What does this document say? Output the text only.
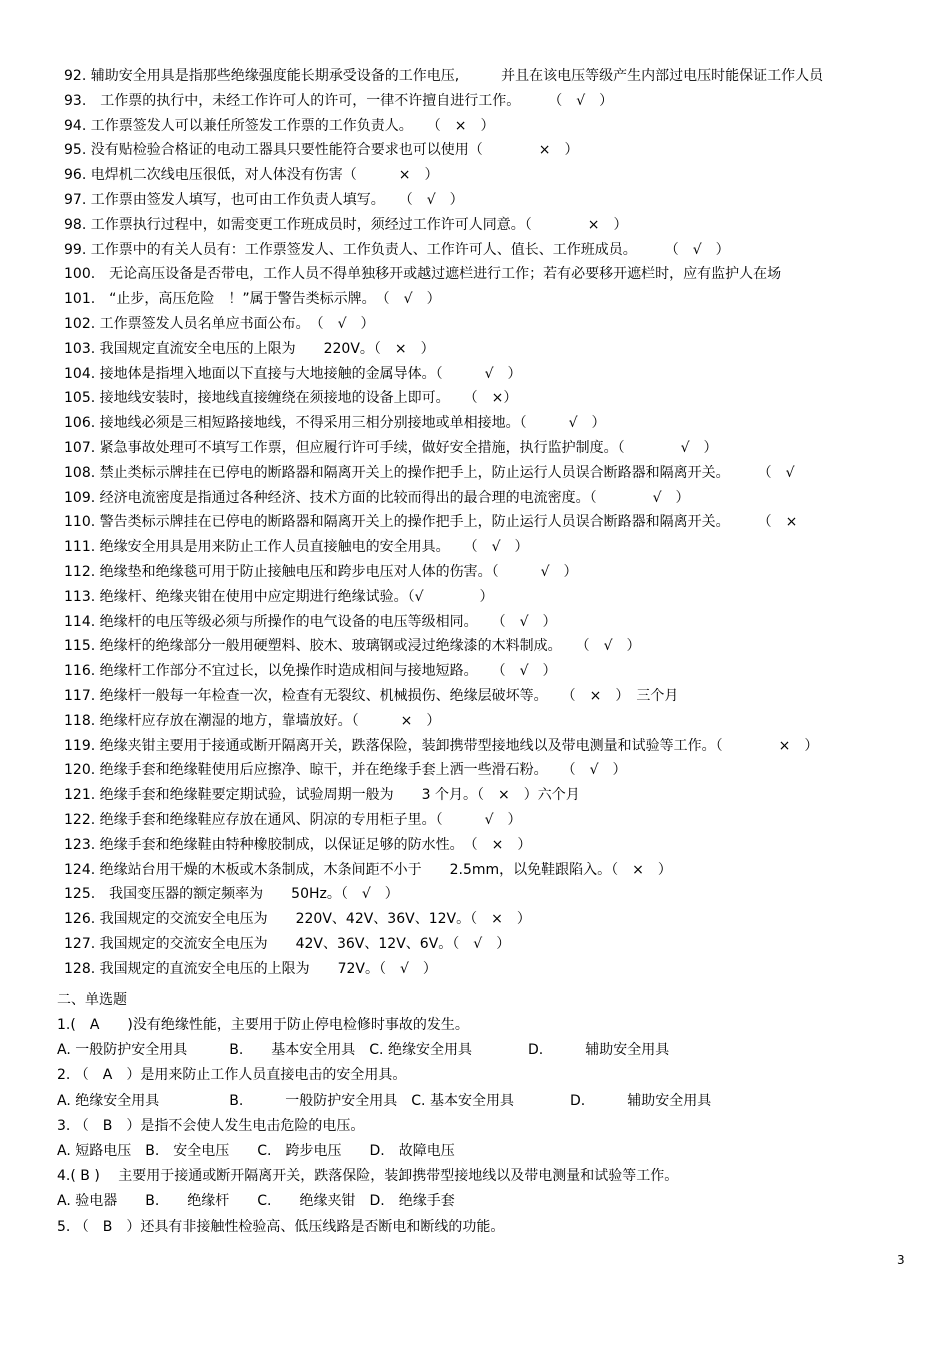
92. 辅助安全用具是指那些绝缘强度能长期承受设备的工作电压,　　　并且在该电压等级产生内部过电压时能保证工作人员
93.　工作票的执行中，未经工作许可人的许可，一律不许擅自进行工作。　　　（　√　）
94. 工作票签发人可以兼任所签发工作票的工作负责人。　　（　×　）
95. 没有贴检验合格证的电动工器具只要性能符合要求也可以使用（　　　　×　）
96. 电焊机二次线电压很低，对人体没有伤害（　　　×　）
97. 工作票由签发人填写，也可由工作负责人填写。　　（　√　）
98. 工作票执行过程中，如需变更工作班成员时，须经过工作许可人同意。（　　　　×　）
99. 工作票中的有关人员有：工作票签发人、工作负责人、工作许可人、值长、工作班成员。　　　（　√　）
100.　无论高压设备是否带电，工作人员不得单独移开或越过遮栏进行工作；若有必要移开遮栏时，应有监护人在场
101.　“止步，高压危险　！”属于警告类标示牌。　（　√　）
102. 工作票签发人员名单应书面公布。　（　√　）
103. 我国规定直流安全电压的上限为　　220V。（　×　）
104. 接地体是指埋入地面以下直接与大地接触的金属导体。（　　　√　）
105. 接地线安装时，接地线直接缠绕在须接地的设备上即可。　　（　×）
106. 接地线必须是三相短路接地线，不得采用三相分别接地或单相接地。（　　　√　）
107. 紧急事故处理可不填写工作票，但应履行许可手续，做好安全措施，执行监护制度。（　　　　√　）
108. 禁止类标示牌挂在已停电的断路器和隔离开关上的操作把手上，防止运行人员误合断路器和隔离开关。　　　（　√
109. 经济电流密度是指通过各种经济、技术方面的比较而得出的最合理的电流密度。（　　　　√　）
110. 警告类标示牌挂在已停电的断路器和隔离开关上的操作把手上，防止运行人员误合断路器和隔离开关。　　　（　×
111. 绝缘安全用具是用来防止工作人员直接触电的安全用具。　　（　√　）
112. 绝缘垫和绝缘毯可用于防止接触电压和跨步电压对人体的伤害。（　　　√　）
113. 绝缘杆、绝缘夹钳在使用中应定期进行绝缘试验。（√　　　　）
114. 绝缘杆的电压等级必须与所操作的电气设备的电压等级相同。　　（　√　）
115. 绝缘杆的绝缘部分一般用硬塑料、胶木、玻璃钢或浸过绝缘漆的木料制成。　　（　√　）
116. 绝缘杆工作部分不宜过长，以免操作时造成相间与接地短路。　　（　√　）
117. 绝缘杆一般每一年检查一次，检查有无裂纹、机械损伤、绝缘层破坏等。　　（　×　）　三个月
118. 绝缘杆应存放在潮湿的地方，靠墙放好。（　　　×　）
119. 绝缘夹钳主要用于接通或断开隔离开关，跌落保险，装卸携带型接地线以及带电测量和试验等工作。（　　　　×　）
120. 绝缘手套和绝缘鞋使用后应擦净、晾干，并在绝缘手套上洒一些滑石粉。　　（　√　）
121. 绝缘手套和绝缘鞋要定期试验，试验周期一般为　　3 个月。（　×　）六个月
122. 绝缘手套和绝缘鞋应存放在通风、阴凉的专用柜子里。（　　　√　）
123. 绝缘手套和绝缘鞋由特种橡胶制成，以保证足够的防水性。　（　×　）
124. 绝缘站台用干燥的木板或木条制成，木条间距不小于　　2.5mm，以免鞋跟陷入。（　×　）
125.　我国变压器的额定频率为　　50Hz。（　√　）
126. 我国规定的交流安全电压为　　220V、42V、36V、12V。（　×　）
127. 我国规定的交流安全电压为　　42V、36V、12V、6V。（　√　）
128. 我国规定的直流安全电压的上限为　　72V。（　√　）
二、单选题
1.(　A　　)没有绝缘性能，主要用于防止停电检修时事故的发生。
A. 一般防护安全用具　　　B.　　基本安全用具　C. 绝缘安全用具　　　　D.　　　辅助安全用具
2. （　A　）是用来防止工作人员直接电击的安全用具。
A. 绝缘安全用具　　　　　B.　　　一般防护安全用具　C. 基本安全用具　　　　D.　　　辅助安全用具
3. （　B　）是指不会使人发生电击危险的电压。
A. 短路电压　B.　安全电压　　C.　跨步电压　　D.　故障电压
4.( B )　 主要用于接通或断开隔离开关，跌落保险，装卸携带型接地线以及带电测量和试验等工作。
A. 验电器　　B.　　绝缘杆　　C.　　绝缘夹钳　D.　绝缘手套
5. （　B　）还具有非接触性检验高、低压线路是否断电和断线的功能。
3
